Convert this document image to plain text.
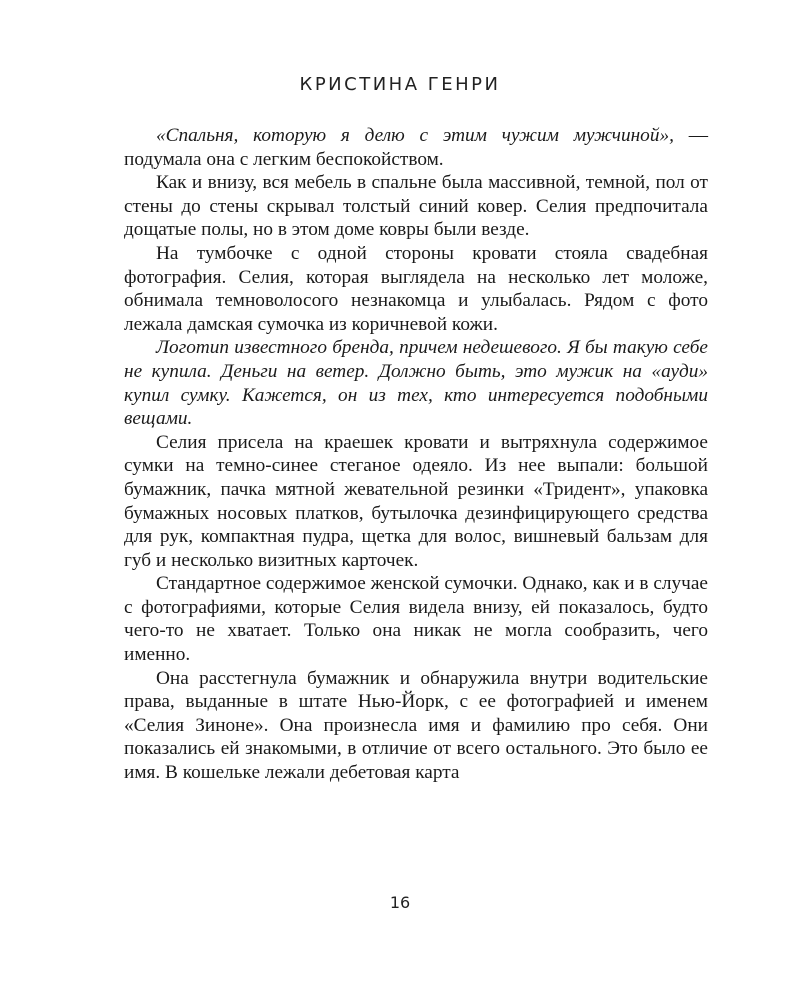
КРИСТИНА ГЕНРИ

«Спальня, которую я делю с этим чужим мужчиной», — подумала она с легким беспокойством.

Как и внизу, вся мебель в спальне была массивной, темной, пол от стены до стены скрывал толстый синий ковер. Селия предпочитала дощатые полы, но в этом доме ковры были везде.

На тумбочке с одной стороны кровати стояла свадебная фотография. Селия, которая выглядела на несколько лет моложе, обнимала темноволосого незнакомца и улыбалась. Рядом с фото лежала дамская сумочка из коричневой кожи.

Логотип известного бренда, причем недешевого. Я бы такую себе не купила. Деньги на ветер. Должно быть, это мужик на «ауди» купил сумку. Кажется, он из тех, кто интересуется подобными вещами.

Селия присела на краешек кровати и вытряхнула содержимое сумки на темно-синее стеганое одеяло. Из нее выпали: большой бумажник, пачка мятной жевательной резинки «Тридент», упаковка бумажных носовых платков, бутылочка дезинфицирующего средства для рук, компактная пудра, щетка для волос, вишневый бальзам для губ и несколько визитных карточек.

Стандартное содержимое женской сумочки. Однако, как и в случае с фотографиями, которые Селия видела внизу, ей показалось, будто чего-то не хватает. Только она никак не могла сообразить, чего именно.

Она расстегнула бумажник и обнаружила внутри водительские права, выданные в штате Нью-Йорк, с ее фотографией и именем «Селия Зиноне». Она произнесла имя и фамилию про себя. Они показались ей знакомыми, в отличие от всего остального. Это было ее имя. В кошельке лежали дебетовая карта

16
